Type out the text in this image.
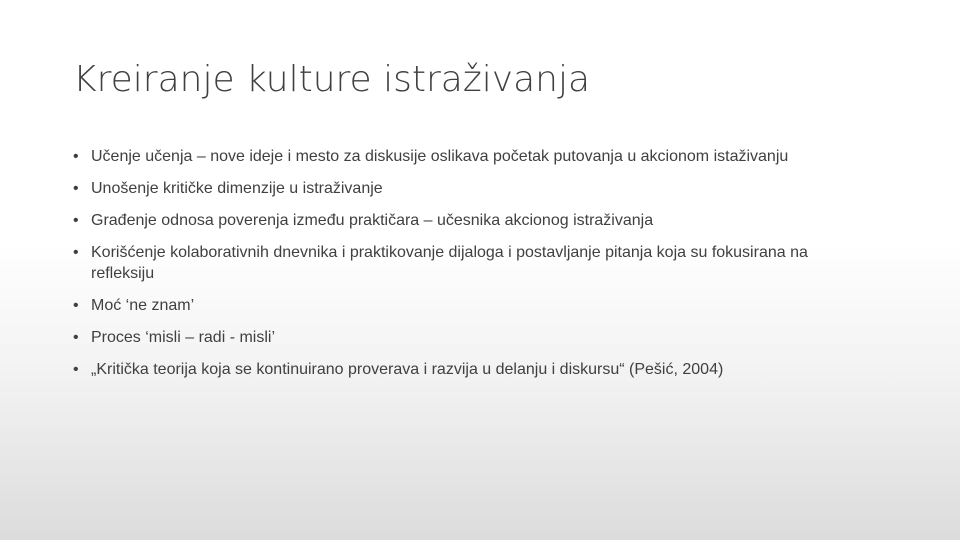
Kreiranje kulture istraživanja
• Učenje učenja – nove ideje i mesto za diskusije oslikava početak putovanja u akcionom istaživanju
• Unošenje kritičke dimenzije u istraživanje
• Građenje odnosa poverenja između praktičara – učesnika akcionog istraživanja
• Korišćenje kolaborativnih dnevnika i praktikovanje dijaloga i postavljanje pitanja koja su fokusirana na refleksiju
• Moć ‘ne znam’
• Proces ‘misli – radi - misli’
• „Kritička teorija koja se kontinuirano proverava i razvija u delanju i diskursu“ (Pešić, 2004)
